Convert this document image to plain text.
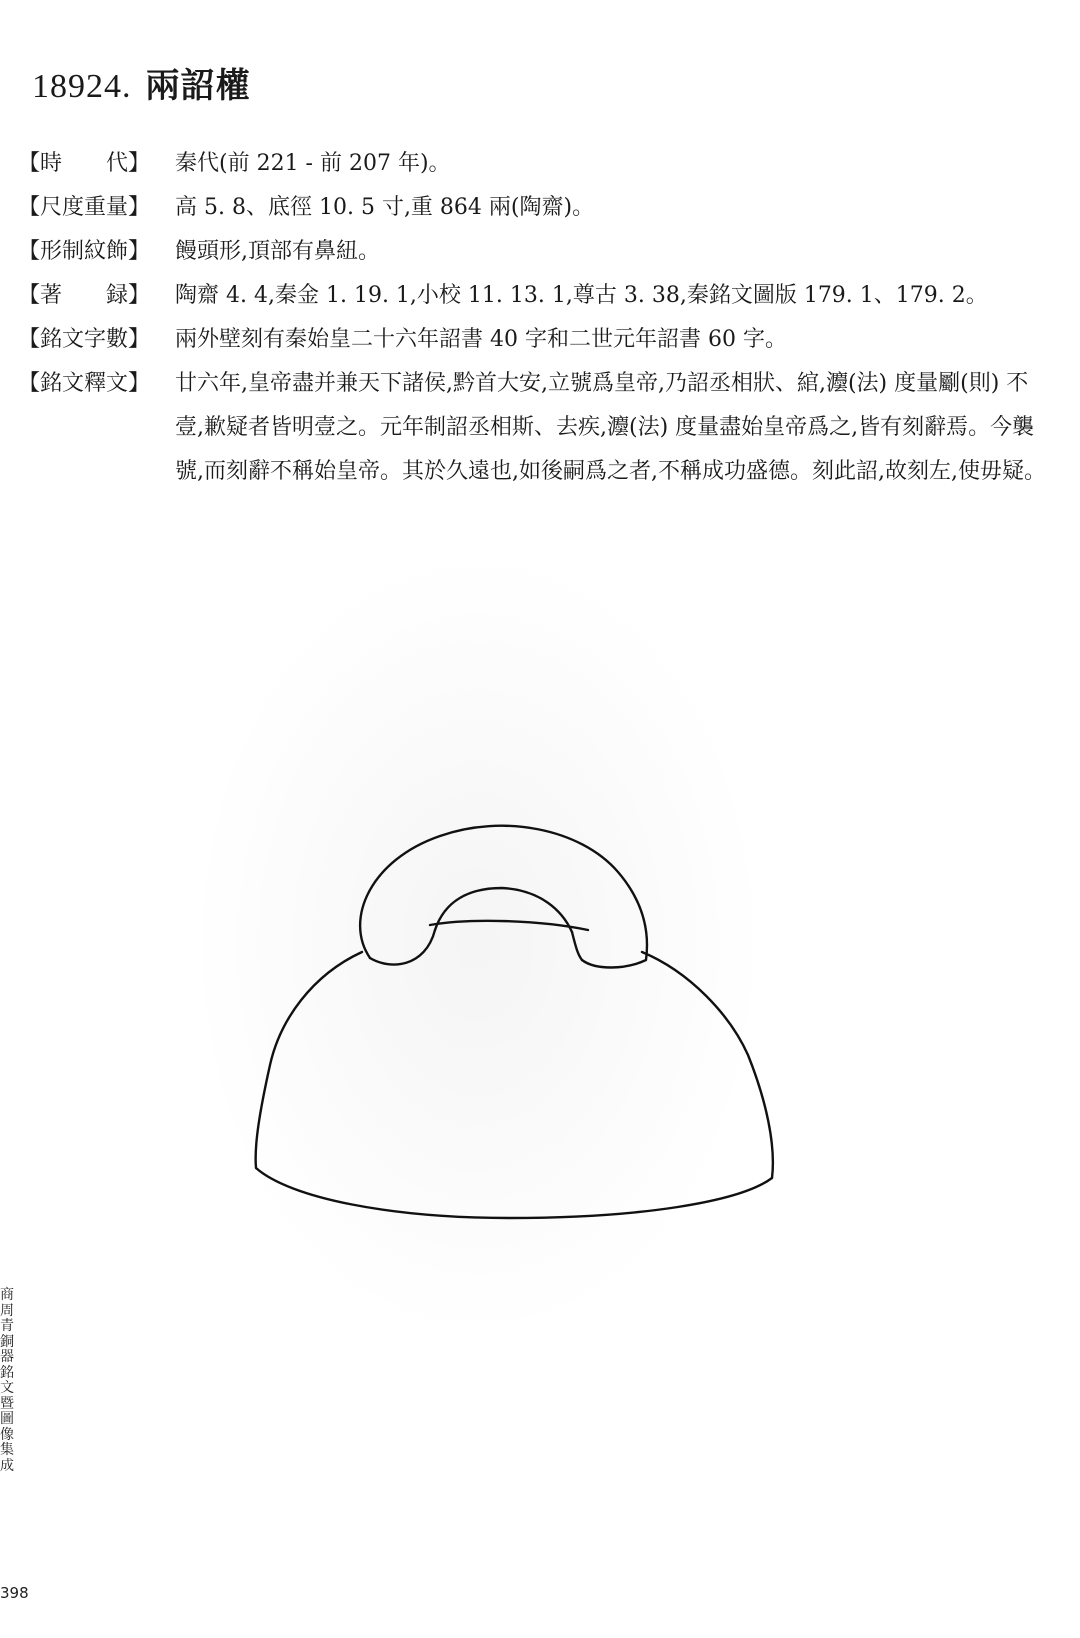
18924. 兩詔權
【時　　代】	秦代(前 221 - 前 207 年)。
【尺度重量】	高 5. 8、底徑 10. 5 寸,重 864 兩(陶齋)。
【形制紋飾】	饅頭形,頂部有鼻紐。
【著　　録】	陶齋 4. 4,秦金 1. 19. 1,小校 11. 13. 1,尊古 3. 38,秦銘文圖版 179. 1、179. 2。
【銘文字數】	兩外壁刻有秦始皇二十六年詔書 40 字和二世元年詔書 60 字。
【銘文釋文】	廿六年,皇帝盡并兼天下諸侯,黔首大安,立號爲皇帝,乃詔丞相狀、綰,灋(法) 度量劚(則) 不壹,歉疑者皆明壹之。元年制詔丞相斯、去疾,灋(法) 度量盡始皇帝爲之,皆有刻辭焉。今襲號,而刻辭不稱始皇帝。其於久遠也,如後嗣爲之者,不稱成功盛德。刻此詔,故刻左,使毋疑。
商周青銅器銘文暨圖像集成
398
